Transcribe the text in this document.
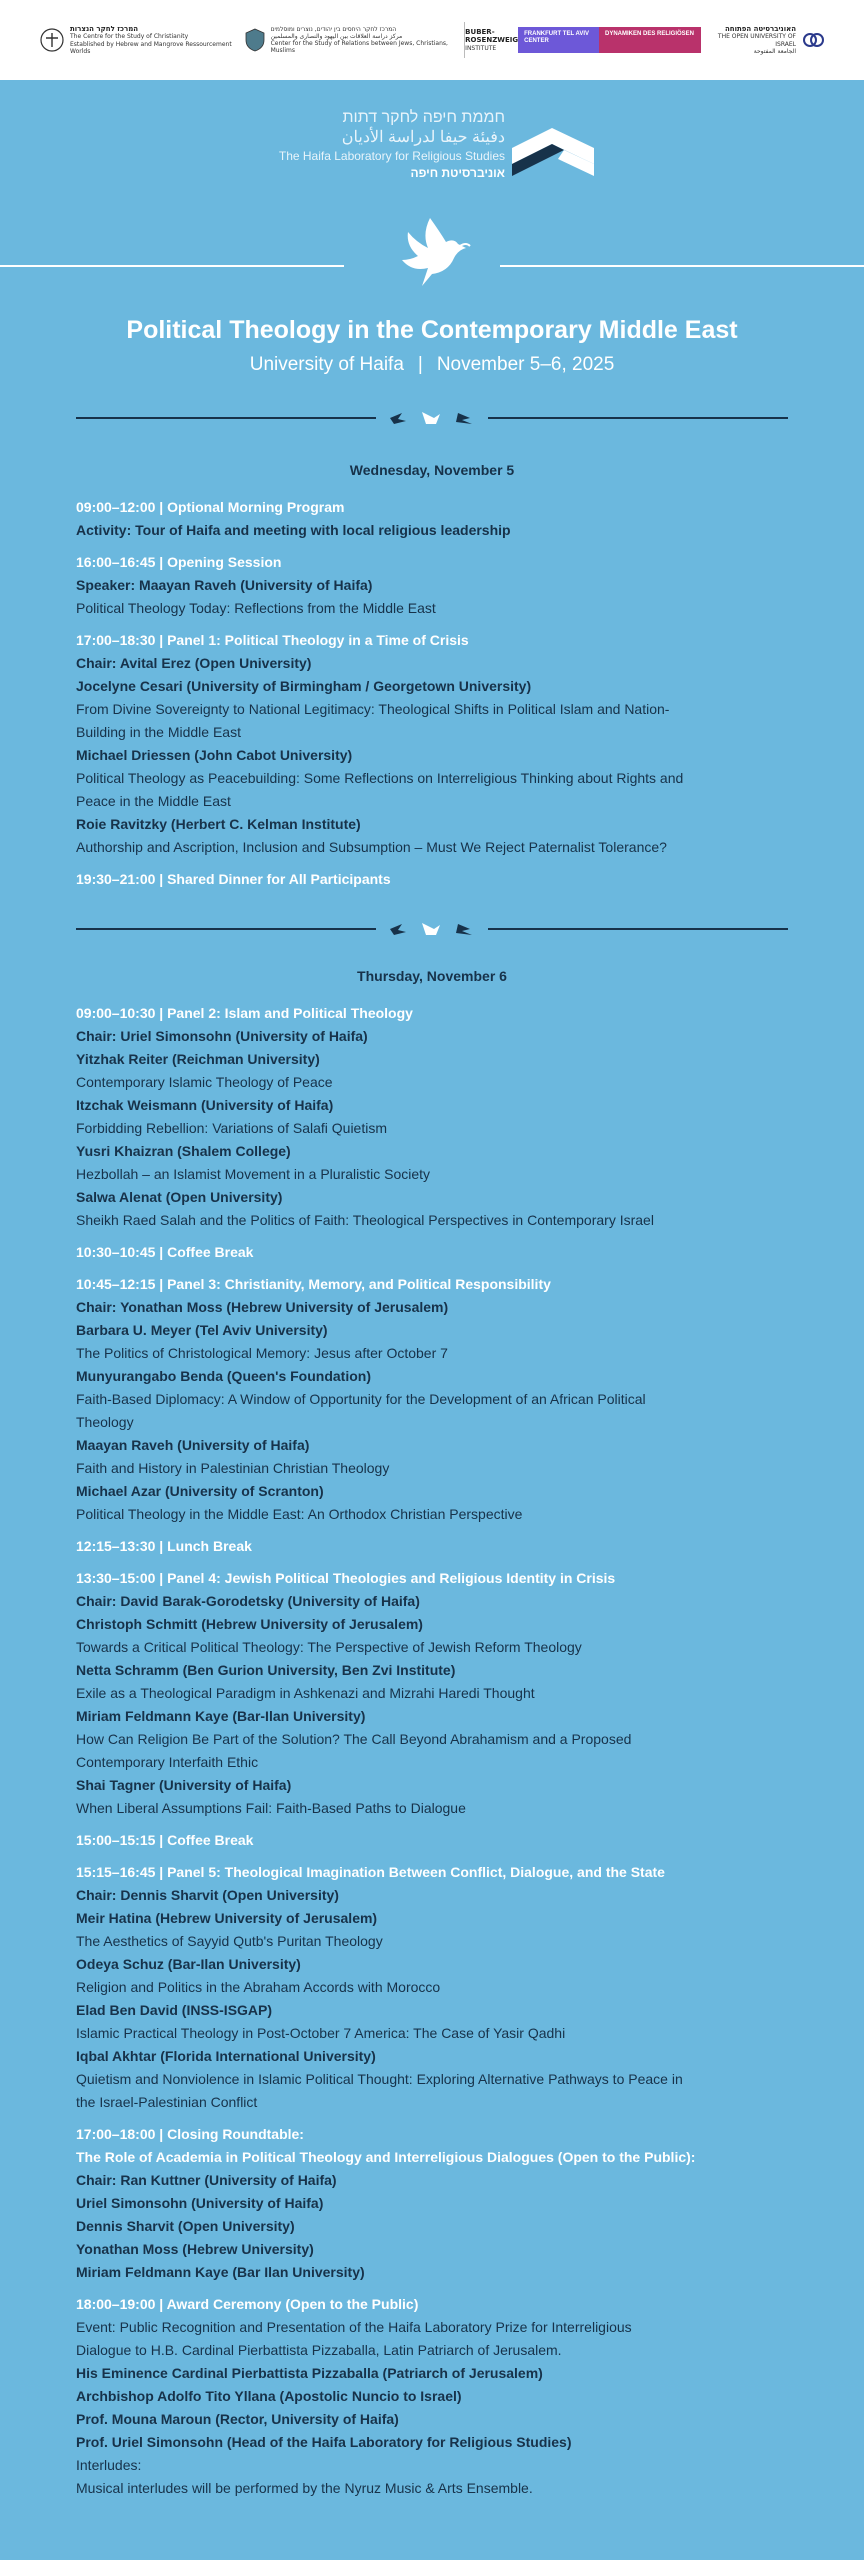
המרכז לחקר הנצרות
The Centre for the Study of Christianity
Established by Hebrew and Mangrove Ressourcement Worlds
המרכז לחקר היחסים בין יהודים, נוצרים ומוסלמים
مركز دراسة العلاقات بين اليهود والنصارى والمسلمين
Center for the Study of Relations between Jews, Christians, Muslims
BUBER-
ROSENZWEIG
INSTITUTE
FRANKFURT TEL AVIV CENTER
DYNAMIKEN DES RELIGIÖSEN
האוניברסיטה הפתוחה
THE OPEN UNIVERSITY OF ISRAEL
الجامعة المفتوحة
חממת חיפה לחקר דתות
دفيئة حيفا لدراسة الأديان
The Haifa Laboratory for Religious Studies
אוניברסיטת חיפה
Political Theology in the Contemporary Middle East
University of Haifa | November 5–6, 2025
Wednesday, November 5
09:00–12:00 | Optional Morning Program
Activity: Tour of Haifa and meeting with local religious leadership
16:00–16:45 | Opening Session
Speaker: Maayan Raveh (University of Haifa)
Political Theology Today: Reflections from the Middle East
17:00–18:30 | Panel 1: Political Theology in a Time of Crisis
Chair: Avital Erez (Open University)
Jocelyne Cesari (University of Birmingham / Georgetown University)
From Divine Sovereignty to National Legitimacy: Theological Shifts in Political Islam and Nation-
Building in the Middle East
Michael Driessen (John Cabot University)
Political Theology as Peacebuilding: Some Reflections on Interreligious Thinking about Rights and
Peace in the Middle East
Roie Ravitzky (Herbert C. Kelman Institute)
Authorship and Ascription, Inclusion and Subsumption – Must We Reject Paternalist Tolerance?
19:30–21:00 | Shared Dinner for All Participants
Thursday, November 6
09:00–10:30 | Panel 2: Islam and Political Theology
Chair: Uriel Simonsohn (University of Haifa)
Yitzhak Reiter (Reichman University)
Contemporary Islamic Theology of Peace
Itzchak Weismann (University of Haifa)
Forbidding Rebellion: Variations of Salafi Quietism
Yusri Khaizran (Shalem College)
Hezbollah – an Islamist Movement in a Pluralistic Society
Salwa Alenat (Open University)
Sheikh Raed Salah and the Politics of Faith: Theological Perspectives in Contemporary Israel
10:30–10:45 | Coffee Break
10:45–12:15 | Panel 3: Christianity, Memory, and Political Responsibility
Chair: Yonathan Moss (Hebrew University of Jerusalem)
Barbara U. Meyer (Tel Aviv University)
The Politics of Christological Memory: Jesus after October 7
Munyurangabo Benda (Queen's Foundation)
Faith-Based Diplomacy: A Window of Opportunity for the Development of an African Political
Theology
Maayan Raveh (University of Haifa)
Faith and History in Palestinian Christian Theology
Michael Azar (University of Scranton)
Political Theology in the Middle East: An Orthodox Christian Perspective
12:15–13:30 | Lunch Break
13:30–15:00 | Panel 4: Jewish Political Theologies and Religious Identity in Crisis
Chair: David Barak-Gorodetsky (University of Haifa)
Christoph Schmitt (Hebrew University of Jerusalem)
Towards a Critical Political Theology: The Perspective of Jewish Reform Theology
Netta Schramm (Ben Gurion University, Ben Zvi Institute)
Exile as a Theological Paradigm in Ashkenazi and Mizrahi Haredi Thought
Miriam Feldmann Kaye (Bar-Ilan University)
How Can Religion Be Part of the Solution? The Call Beyond Abrahamism and a Proposed
Contemporary Interfaith Ethic
Shai Tagner (University of Haifa)
When Liberal Assumptions Fail: Faith-Based Paths to Dialogue
15:00–15:15 | Coffee Break
15:15–16:45 | Panel 5: Theological Imagination Between Conflict, Dialogue, and the State
Chair: Dennis Sharvit (Open University)
Meir Hatina (Hebrew University of Jerusalem)
The Aesthetics of Sayyid Qutb's Puritan Theology
Odeya Schuz (Bar-Ilan University)
Religion and Politics in the Abraham Accords with Morocco
Elad Ben David (INSS-ISGAP)
Islamic Practical Theology in Post-October 7 America: The Case of Yasir Qadhi
Iqbal Akhtar (Florida International University)
Quietism and Nonviolence in Islamic Political Thought: Exploring Alternative Pathways to Peace in
the Israel-Palestinian Conflict
17:00–18:00 | Closing Roundtable:
The Role of Academia in Political Theology and Interreligious Dialogues (Open to the Public):
Chair: Ran Kuttner (University of Haifa)
Uriel Simonsohn (University of Haifa)
Dennis Sharvit (Open University)
Yonathan Moss (Hebrew University)
Miriam Feldmann Kaye (Bar Ilan University)
18:00–19:00 | Award Ceremony (Open to the Public)
Event: Public Recognition and Presentation of the Haifa Laboratory Prize for Interreligious
Dialogue to H.B. Cardinal Pierbattista Pizzaballa, Latin Patriarch of Jerusalem.
His Eminence Cardinal Pierbattista Pizzaballa (Patriarch of Jerusalem)
Archbishop Adolfo Tito Yllana (Apostolic Nuncio to Israel)
Prof. Mouna Maroun (Rector, University of Haifa)
Prof. Uriel Simonsohn (Head of the Haifa Laboratory for Religious Studies)
Interludes:
Musical interludes will be performed by the Nyruz Music & Arts Ensemble.
